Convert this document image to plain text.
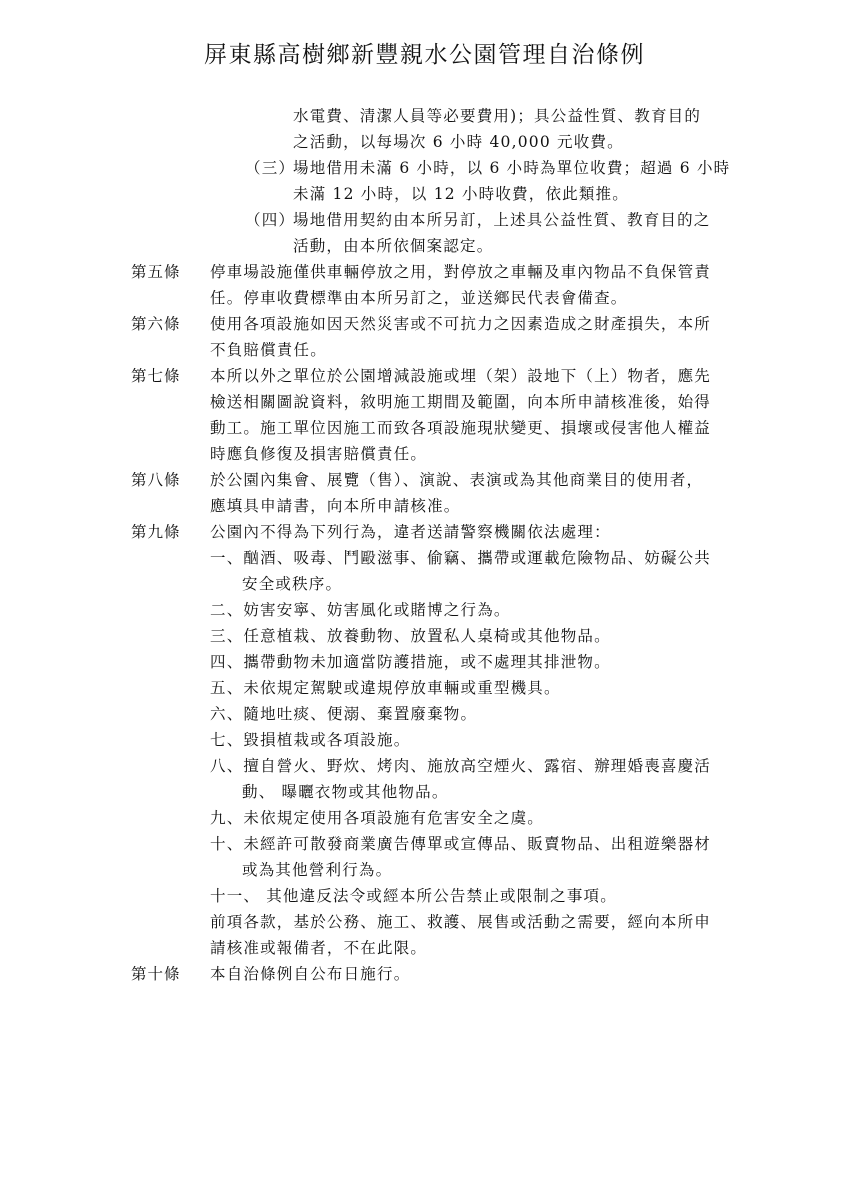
屏東縣高樹鄉新豐親水公園管理自治條例
水電費、清潔人員等必要費用)；具公益性質、教育目的
之活動，以每場次 6 小時 40,000 元收費。
（三）
場地借用未滿 6 小時，以 6 小時為單位收費；超過 6 小時
未滿 12 小時，以 12 小時收費，依此類推。
（四）
場地借用契約由本所另訂，上述具公益性質、教育目的之
活動，由本所依個案認定。
第五條 停車場設施僅供車輛停放之用，對停放之車輛及車內物品不負保管責
任。停車收費標準由本所另訂之，並送鄉民代表會備查。
第六條 使用各項設施如因天然災害或不可抗力之因素造成之財產損失，本所
不負賠償責任。
第七條 本所以外之單位於公園增減設施或埋（架）設地下（上）物者，應先
檢送相關圖說資料，敘明施工期間及範圍，向本所申請核准後，始得
動工。施工單位因施工而致各項設施現狀變更、損壞或侵害他人權益
時應負修復及損害賠償責任。
第八條 於公園內集會、展覽（售）、演說、表演或為其他商業目的使用者，
應填具申請書，向本所申請核准。
第九條 公園內不得為下列行為，違者送請警察機關依法處理：
一、酗酒、吸毒、鬥毆滋事、偷竊、攜帶或運載危險物品、妨礙公共
安全或秩序。
二、妨害安寧、妨害風化或賭博之行為。
三、任意植栽、放養動物、放置私人桌椅或其他物品。
四、攜帶動物未加適當防護措施，或不處理其排泄物。
五、未依規定駕駛或違規停放車輛或重型機具。
六、隨地吐痰、便溺、棄置廢棄物。
七、毀損植栽或各項設施。
八、擅自營火、野炊、烤肉、施放高空煙火、露宿、辦理婚喪喜慶活
動、 曝曬衣物或其他物品。
九、未依規定使用各項設施有危害安全之虞。
十、未經許可散發商業廣告傳單或宣傳品、販賣物品、出租遊樂器材
或為其他營利行為。
十一、 其他違反法令或經本所公告禁止或限制之事項。
前項各款，基於公務、施工、救護、展售或活動之需要，經向本所申
請核准或報備者，不在此限。
第十條 本自治條例自公布日施行。
